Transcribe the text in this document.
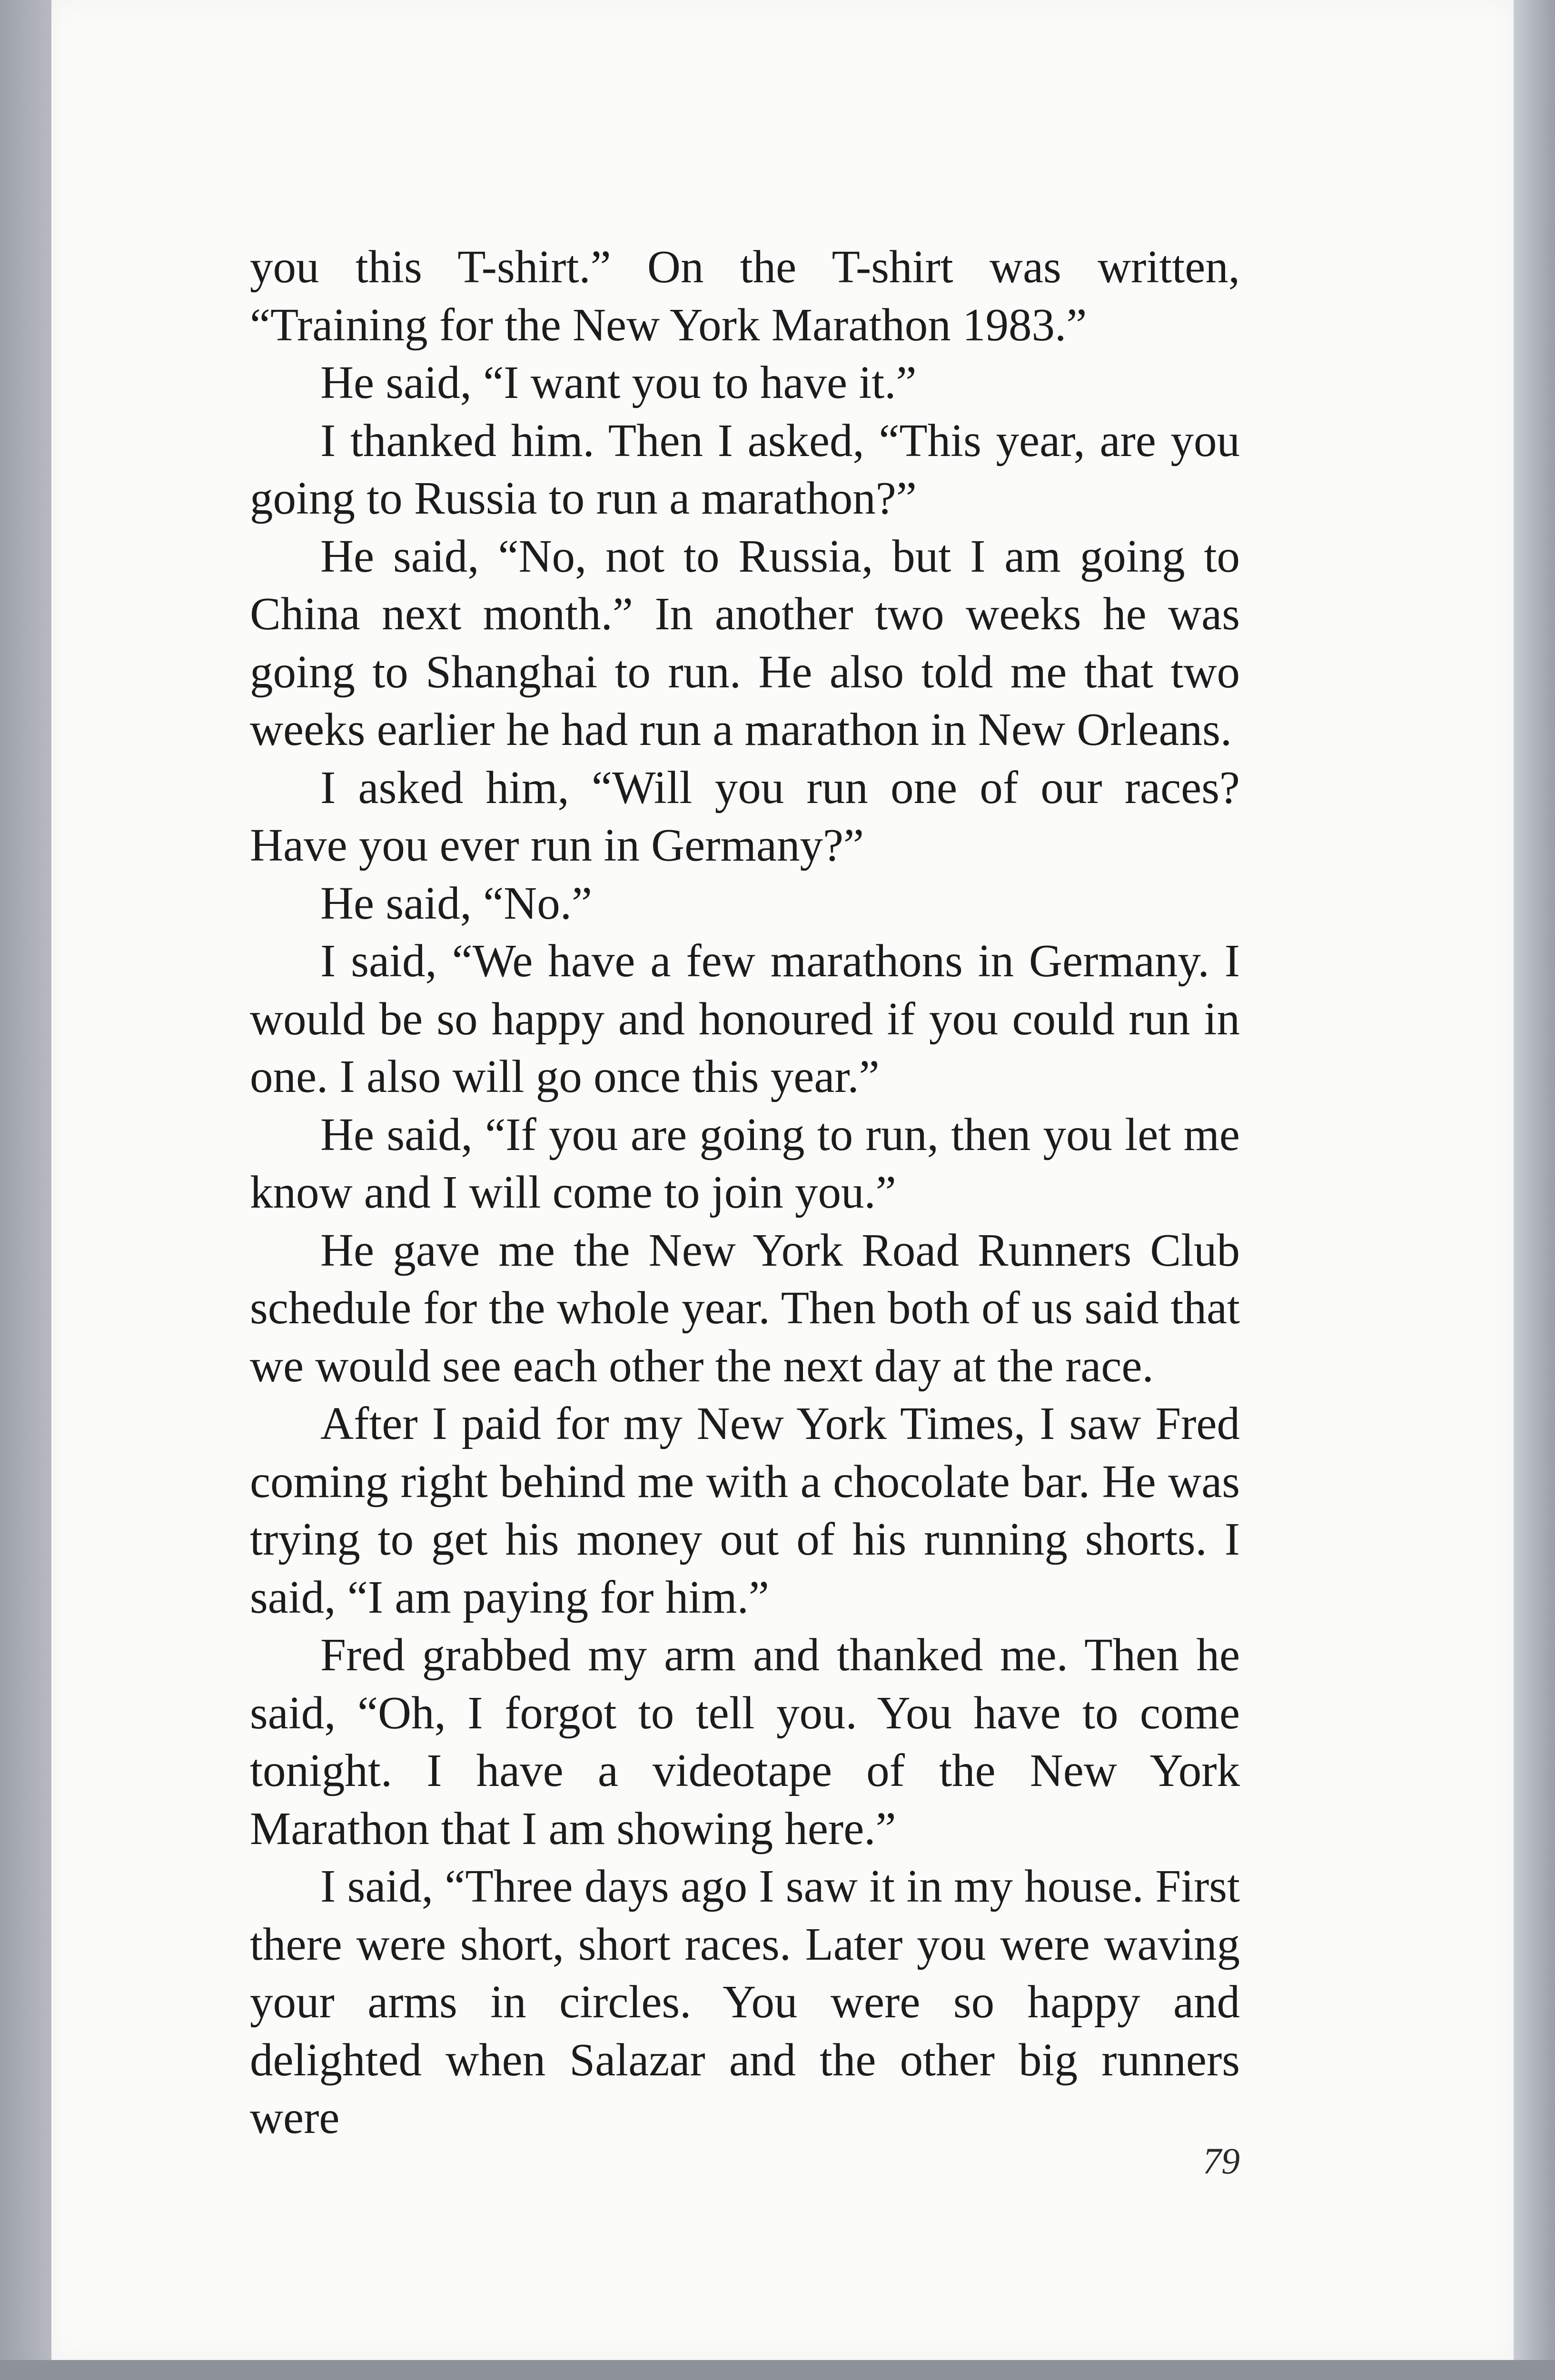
you this T-shirt.” On the T-shirt was written, “Training for the New York Marathon 1983.”

He said, “I want you to have it.”

I thanked him. Then I asked, “This year, are you going to Russia to run a marathon?”

He said, “No, not to Russia, but I am going to China next month.” In another two weeks he was going to Shanghai to run. He also told me that two weeks earlier he had run a marathon in New Orleans.

I asked him, “Will you run one of our races? Have you ever run in Germany?”

He said, “No.”

I said, “We have a few marathons in Germany. I would be so happy and honoured if you could run in one. I also will go once this year.”

He said, “If you are going to run, then you let me know and I will come to join you.”

He gave me the New York Road Runners Club schedule for the whole year. Then both of us said that we would see each other the next day at the race.

After I paid for my New York Times, I saw Fred coming right behind me with a chocolate bar. He was trying to get his money out of his running shorts. I said, “I am paying for him.”

Fred grabbed my arm and thanked me. Then he said, “Oh, I forgot to tell you. You have to come tonight. I have a videotape of the New York Marathon that I am showing here.”

I said, “Three days ago I saw it in my house. First there were short, short races. Later you were waving your arms in circles. You were so happy and delighted when Salazar and the other big runners were

79
